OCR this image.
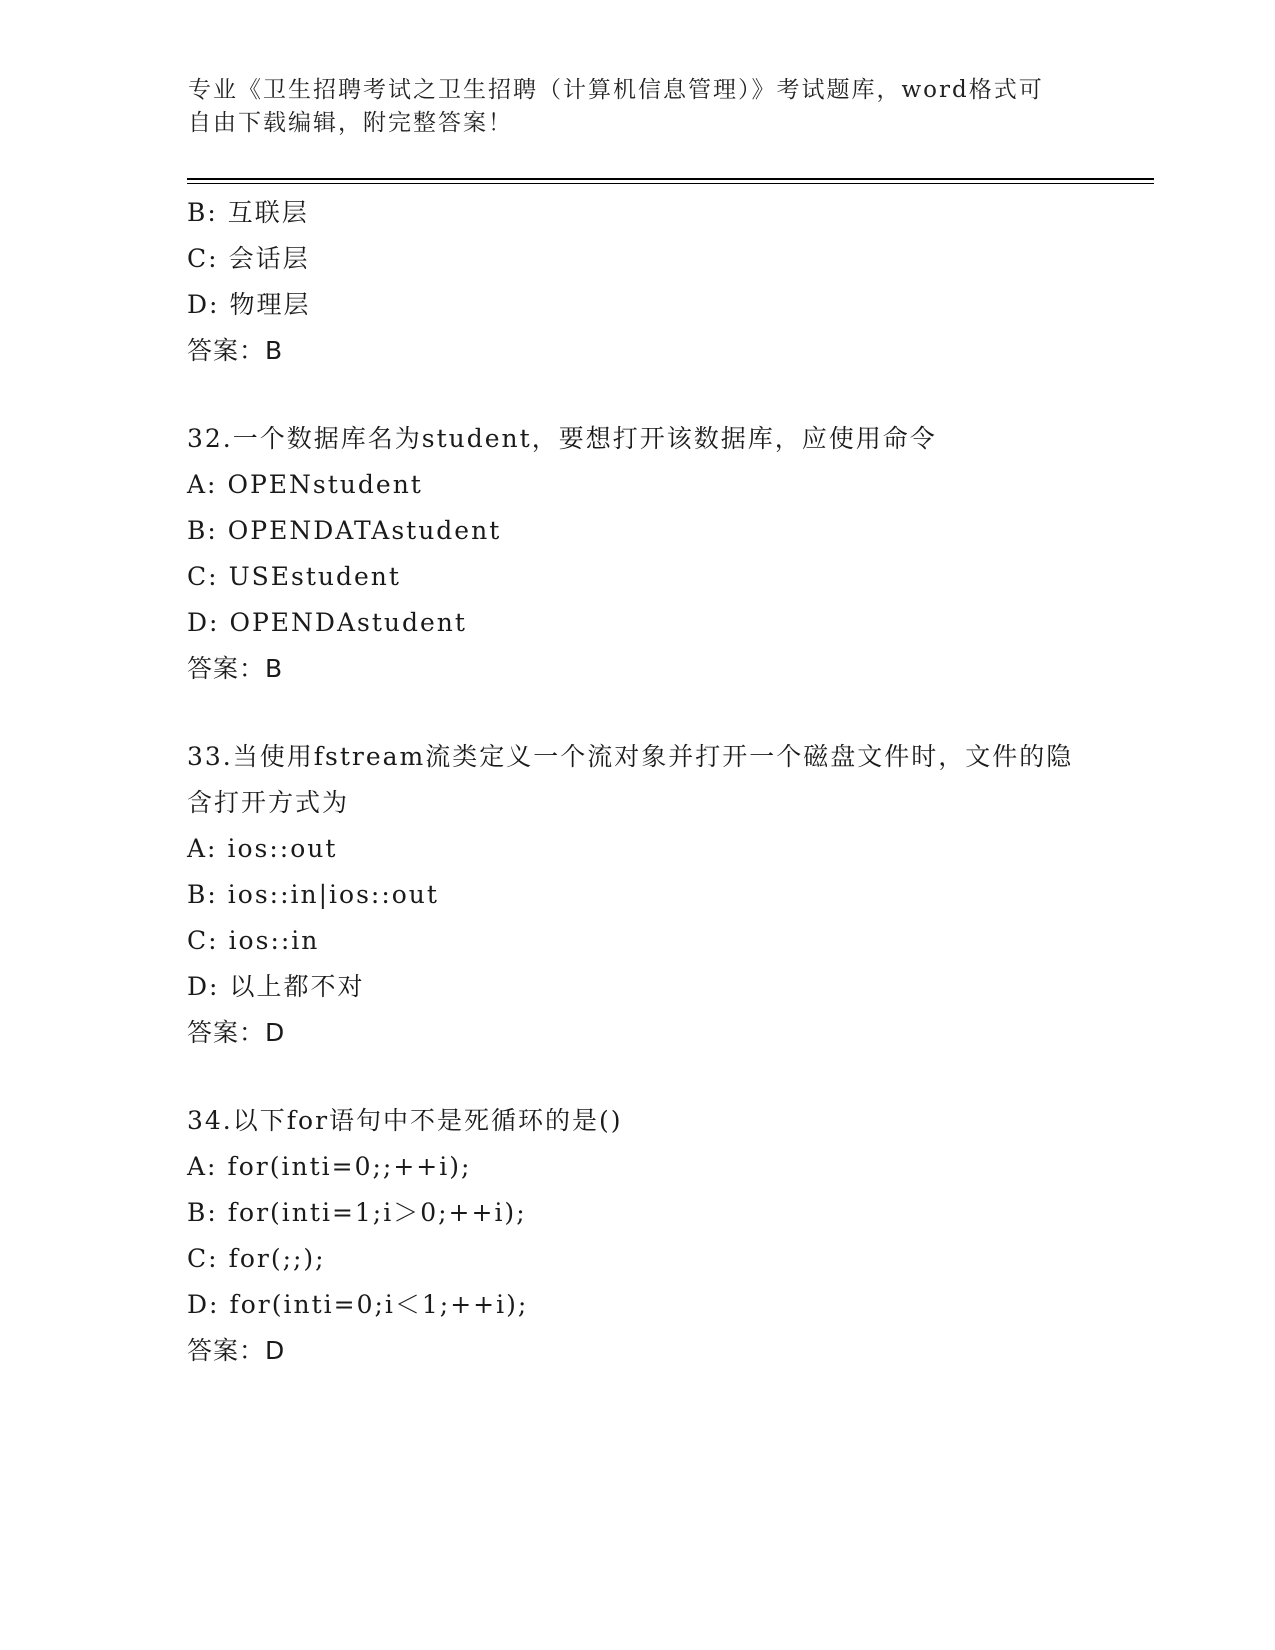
专业《卫生招聘考试之卫生招聘（计算机信息管理）》考试题库，word格式可自由下载编辑，附完整答案！
B: 互联层
C: 会话层
D: 物理层
答案：B
32.一个数据库名为student，要想打开该数据库，应使用命令
A: OPENstudent
B: OPENDATAstudent
C: USEstudent
D: OPENDAstudent
答案：B
33.当使用fstream流类定义一个流对象并打开一个磁盘文件时，文件的隐含打开方式为
A: ios::out
B: ios::in|ios::out
C: ios::in
D: 以上都不对
答案：D
34.以下for语句中不是死循环的是()
A: for(inti=0;;++i);
B: for(inti=1;i＞0;++i);
C: for(;;);
D: for(inti=0;i＜1;++i);
答案：D
